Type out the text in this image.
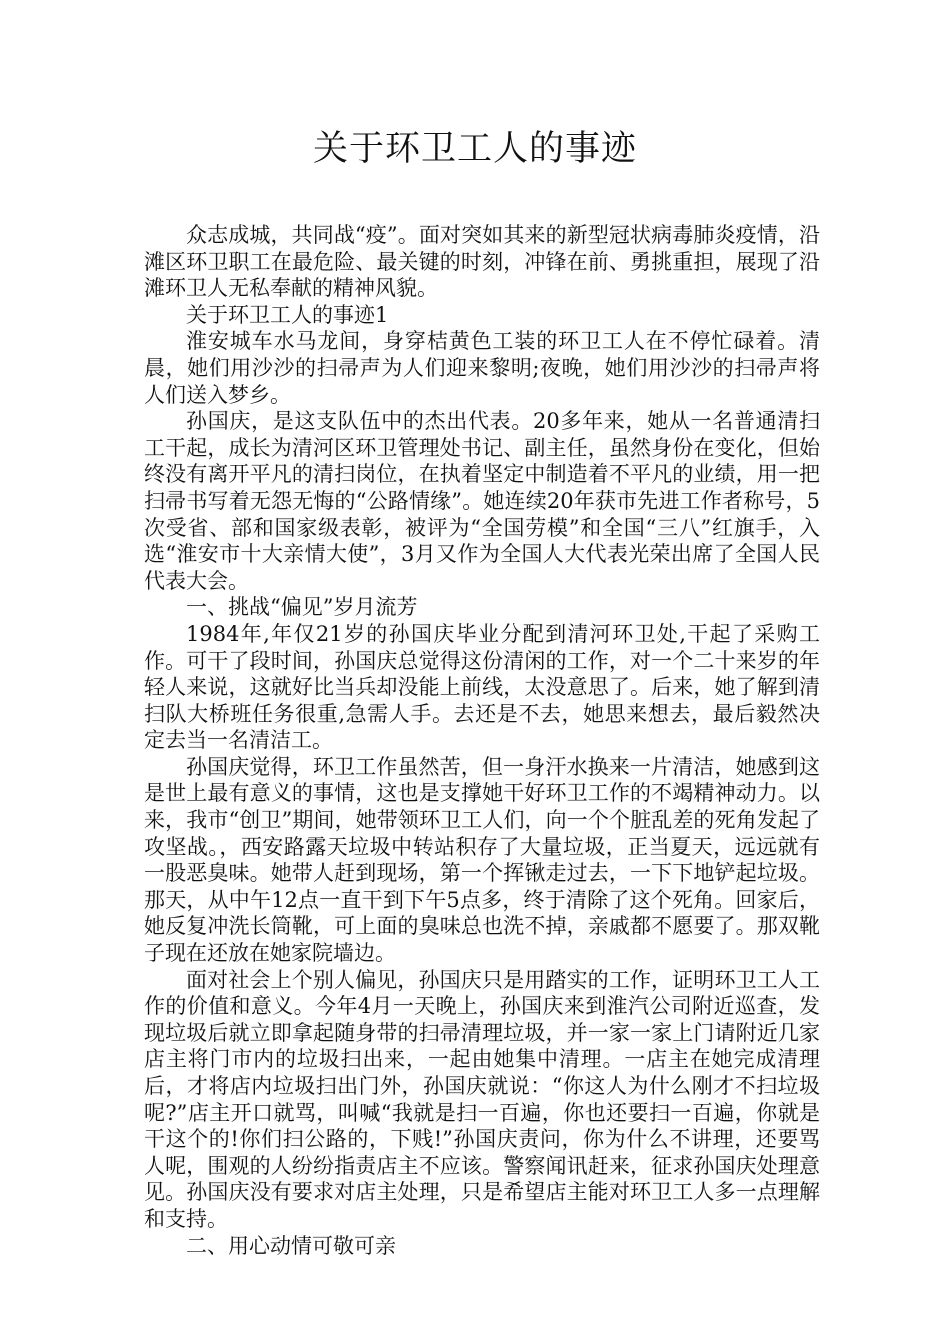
关于环卫工人的事迹

众志成城，共同战“疫”。面对突如其来的新型冠状病毒肺炎疫情，沿滩区环卫职工在最危险、最关键的时刻，冲锋在前、勇挑重担，展现了沿滩环卫人无私奉献的精神风貌。

关于环卫工人的事迹1

淮安城车水马龙间，身穿桔黄色工装的环卫工人在不停忙碌着。清晨，她们用沙沙的扫帚声为人们迎来黎明;夜晚，她们用沙沙的扫帚声将人们送入梦乡。

孙国庆，是这支队伍中的杰出代表。20多年来，她从一名普通清扫工干起，成长为清河区环卫管理处书记、副主任，虽然身份在变化，但始终没有离开平凡的清扫岗位，在执着坚定中制造着不平凡的业绩，用一把扫帚书写着无怨无悔的“公路情缘”。她连续20年获市先进工作者称号，5次受省、部和国家级表彰，被评为“全国劳模”和全国“三八”红旗手，入选“淮安市十大亲情大使”，3月又作为全国人大代表光荣出席了全国人民代表大会。

一、挑战“偏见”岁月流芳

1984年,年仅21岁的孙国庆毕业分配到清河环卫处,干起了采购工作。可干了段时间，孙国庆总觉得这份清闲的工作，对一个二十来岁的年轻人来说，这就好比当兵却没能上前线，太没意思了。后来，她了解到清扫队大桥班任务很重,急需人手。去还是不去，她思来想去，最后毅然决定去当一名清洁工。

孙国庆觉得，环卫工作虽然苦，但一身汗水换来一片清洁，她感到这是世上最有意义的事情，这也是支撑她干好环卫工作的不竭精神动力。以来，我市“创卫”期间，她带领环卫工人们，向一个个脏乱差的死角发起了攻坚战。，西安路露天垃圾中转站积存了大量垃圾，正当夏天，远远就有一股恶臭味。她带人赶到现场，第一个挥锹走过去，一下下地铲起垃圾。那天，从中午12点一直干到下午5点多，终于清除了这个死角。回家后，她反复冲洗长筒靴，可上面的臭味总也洗不掉，亲戚都不愿要了。那双靴子现在还放在她家院墙边。

面对社会上个别人偏见，孙国庆只是用踏实的工作，证明环卫工人工作的价值和意义。今年4月一天晚上，孙国庆来到淮汽公司附近巡查，发现垃圾后就立即拿起随身带的扫帚清理垃圾，并一家一家上门请附近几家店主将门市内的垃圾扫出来，一起由她集中清理。一店主在她完成清理后，才将店内垃圾扫出门外，孙国庆就说：“你这人为什么刚才不扫垃圾呢?”店主开口就骂，叫喊“我就是扫一百遍，你也还要扫一百遍，你就是干这个的!你们扫公路的，下贱!”孙国庆责问，你为什么不讲理，还要骂人呢，围观的人纷纷指责店主不应该。警察闻讯赶来，征求孙国庆处理意见。孙国庆没有要求对店主处理，只是希望店主能对环卫工人多一点理解和支持。

二、用心动情可敬可亲
